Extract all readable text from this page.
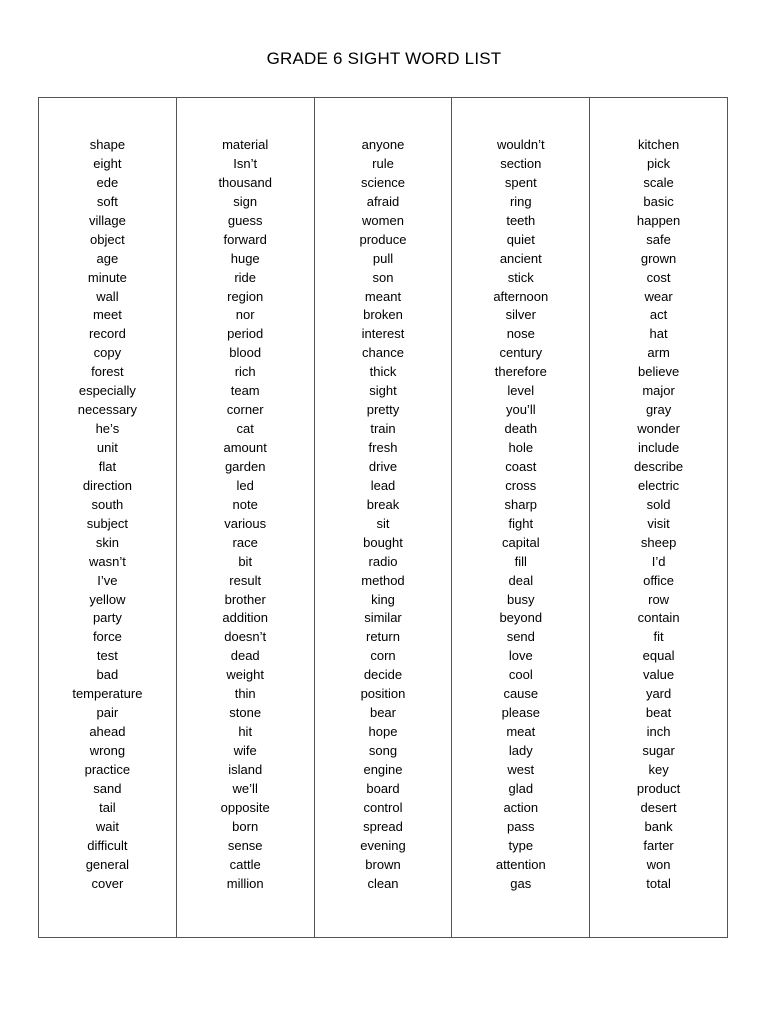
GRADE 6 SIGHT WORD LIST
shape
eight
ede
soft
village
object
age
minute
wall
meet
record
copy
forest
especially
necessary
he’s
unit
flat
direction
south
subject
skin
wasn’t
I’ve
yellow
party
force
test
bad
temperature
pair
ahead
wrong
practice
sand
tail
wait
difficult
general
cover
material
Isn’t
thousand
sign
guess
forward
huge
ride
region
nor
period
blood
rich
team
corner
cat
amount
garden
led
note
various
race
bit
result
brother
addition
doesn’t
dead
weight
thin
stone
hit
wife
island
we’ll
opposite
born
sense
cattle
million
anyone
rule
science
afraid
women
produce
pull
son
meant
broken
interest
chance
thick
sight
pretty
train
fresh
drive
lead
break
sit
bought
radio
method
king
similar
return
corn
decide
position
bear
hope
song
engine
board
control
spread
evening
brown
clean
wouldn’t
section
spent
ring
teeth
quiet
ancient
stick
afternoon
silver
nose
century
therefore
level
you’ll
death
hole
coast
cross
sharp
fight
capital
fill
deal
busy
beyond
send
love
cool
cause
please
meat
lady
west
glad
action
pass
type
attention
gas
kitchen
pick
scale
basic
happen
safe
grown
cost
wear
act
hat
arm
believe
major
gray
wonder
include
describe
electric
sold
visit
sheep
I’d
office
row
contain
fit
equal
value
yard
beat
inch
sugar
key
product
desert
bank
farter
won
total
